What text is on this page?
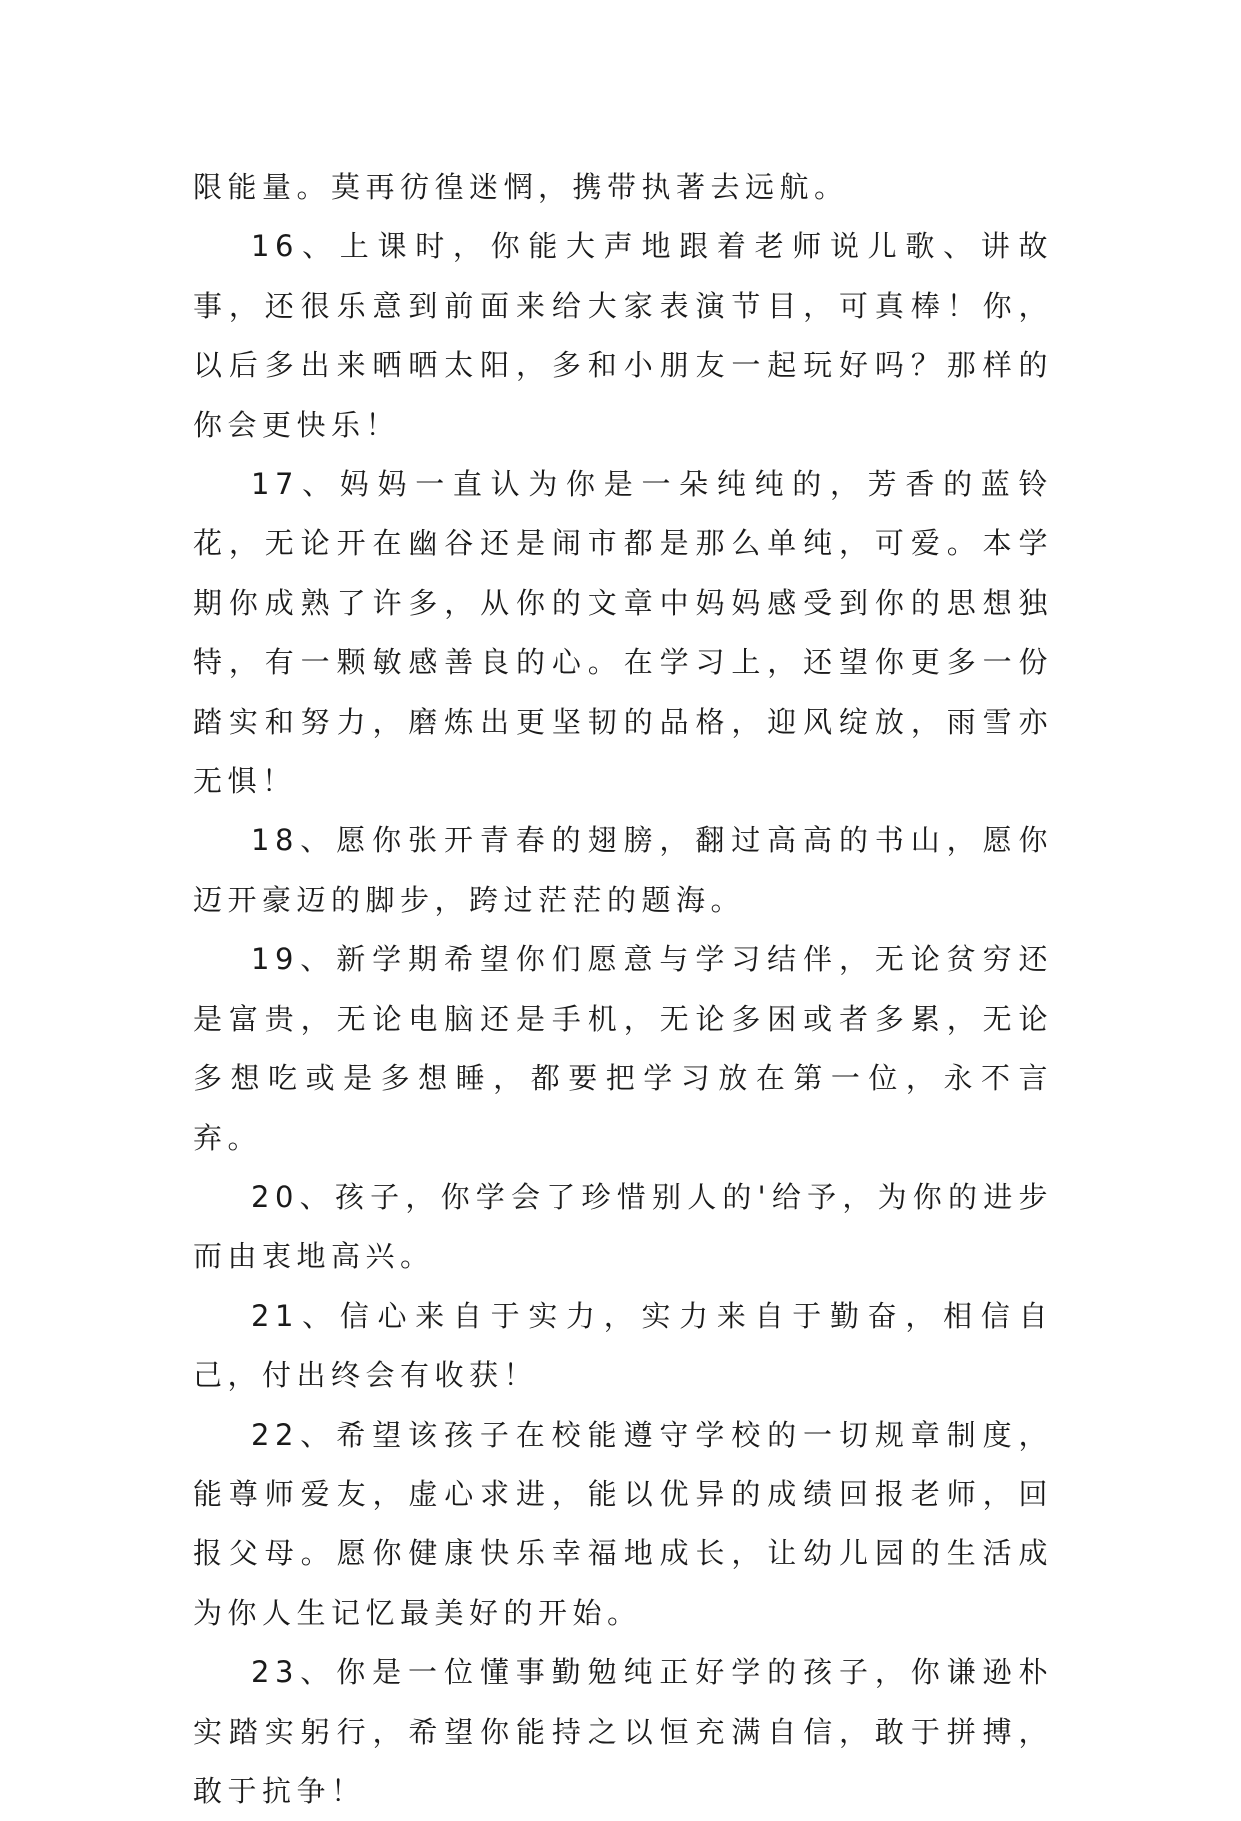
限能量。莫再彷徨迷惘，携带执著去远航。

16、上课时，你能大声地跟着老师说儿歌、讲故事，还很乐意到前面来给大家表演节目，可真棒！你，以后多出来晒晒太阳，多和小朋友一起玩好吗？那样的你会更快乐！

17、妈妈一直认为你是一朵纯纯的，芳香的蓝铃花，无论开在幽谷还是闹市都是那么单纯，可爱。本学期你成熟了许多，从你的文章中妈妈感受到你的思想独特，有一颗敏感善良的心。在学习上，还望你更多一份踏实和努力，磨炼出更坚韧的品格，迎风绽放，雨雪亦无惧！

18、愿你张开青春的翅膀，翻过高高的书山，愿你迈开豪迈的脚步，跨过茫茫的题海。

19、新学期希望你们愿意与学习结伴，无论贫穷还是富贵，无论电脑还是手机，无论多困或者多累，无论多想吃或是多想睡，都要把学习放在第一位，永不言弃。

20、孩子，你学会了珍惜别人的'给予，为你的进步而由衷地高兴。

21、信心来自于实力，实力来自于勤奋，相信自己，付出终会有收获！

22、希望该孩子在校能遵守学校的一切规章制度，能尊师爱友，虚心求进，能以优异的成绩回报老师，回报父母。愿你健康快乐幸福地成长，让幼儿园的生活成为你人生记忆最美好的开始。

23、你是一位懂事勤勉纯正好学的孩子，你谦逊朴实踏实躬行，希望你能持之以恒充满自信，敢于拼搏，敢于抗争！
